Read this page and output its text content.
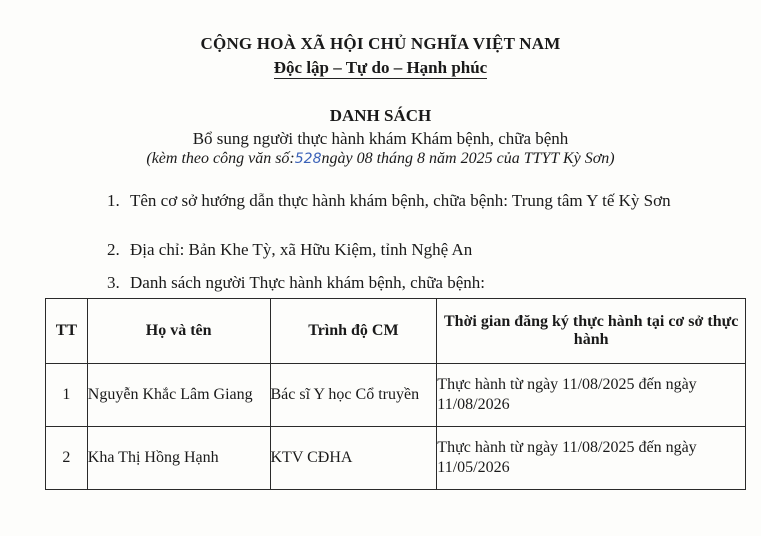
CỘNG HOÀ XÃ HỘI CHỦ NGHĨA VIỆT NAM
Độc lập – Tự do – Hạnh phúc
DANH SÁCH
Bổ sung người thực hành khám Khám bệnh, chữa bệnh
(kèm theo công văn số:528ngày 08 tháng 8 năm 2025 của TTYT Kỳ Sơn)
1. Tên cơ sở hướng dẫn thực hành khám bệnh, chữa bệnh: Trung tâm Y tế Kỳ Sơn
2. Địa chỉ: Bản Khe Tỳ, xã Hữu Kiệm, tỉnh Nghệ An
3. Danh sách người Thực hành khám bệnh, chữa bệnh:
TT	Họ và tên	Trình độ CM	Thời gian đăng ký thực hành tại cơ sở thực hành
1	Nguyễn Khắc Lâm Giang	Bác sĩ Y học Cổ truyền	Thực hành từ ngày 11/08/2025 đến ngày 11/08/2026
2	Kha Thị Hồng Hạnh	KTV CĐHA	Thực hành từ ngày 11/08/2025 đến ngày 11/05/2026
